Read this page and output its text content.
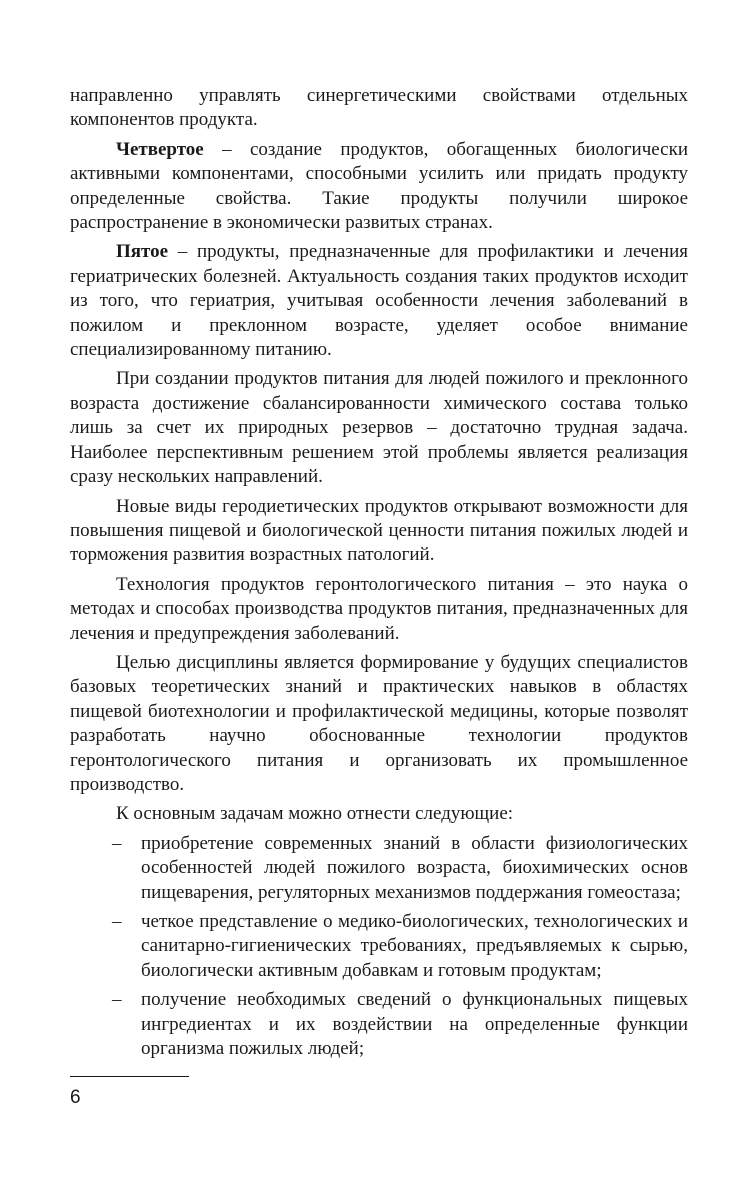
направленно управлять синергетическими свойствами отдельных компонентов продукта.

Четвертое – создание продуктов, обогащенных биологически активными компонентами, способными усилить или придать продукту определенные свойства. Такие продукты получили широкое распространение в экономически развитых странах.

Пятое – продукты, предназначенные для профилактики и лечения гериатрических болезней. Актуальность создания таких продуктов исходит из того, что гериатрия, учитывая особенности лечения заболеваний в пожилом и преклонном возрасте, уделяет особое внимание специализированному питанию.

При создании продуктов питания для людей пожилого и преклонного возраста достижение сбалансированности химического состава только лишь за счет их природных резервов – достаточно трудная задача. Наиболее перспективным решением этой проблемы является реализация сразу нескольких направлений.

Новые виды геродиетических продуктов открывают возможности для повышения пищевой и биологической ценности питания пожилых людей и торможения развития возрастных патологий.

Технология продуктов геронтологического питания – это наука о методах и способах производства продуктов питания, предназначенных для лечения и предупреждения заболеваний.

Целью дисциплины является формирование у будущих специалистов базовых теоретических знаний и практических навыков в областях пищевой биотехнологии и профилактической медицины, которые позволят разработать научно обоснованные технологии продуктов геронтологического питания и организовать их промышленное производство.

К основным задачам можно отнести следующие:

– приобретение современных знаний в области физиологических особенностей людей пожилого возраста, биохимических основ пищеварения, регуляторных механизмов поддержания гомеостаза;
– четкое представление о медико-биологических, технологических и санитарно-гигиенических требованиях, предъявляемых к сырью, биологически активным добавкам и готовым продуктам;
– получение необходимых сведений о функциональных пищевых ингредиентах и их воздействии на определенные функции организма пожилых людей;
6
